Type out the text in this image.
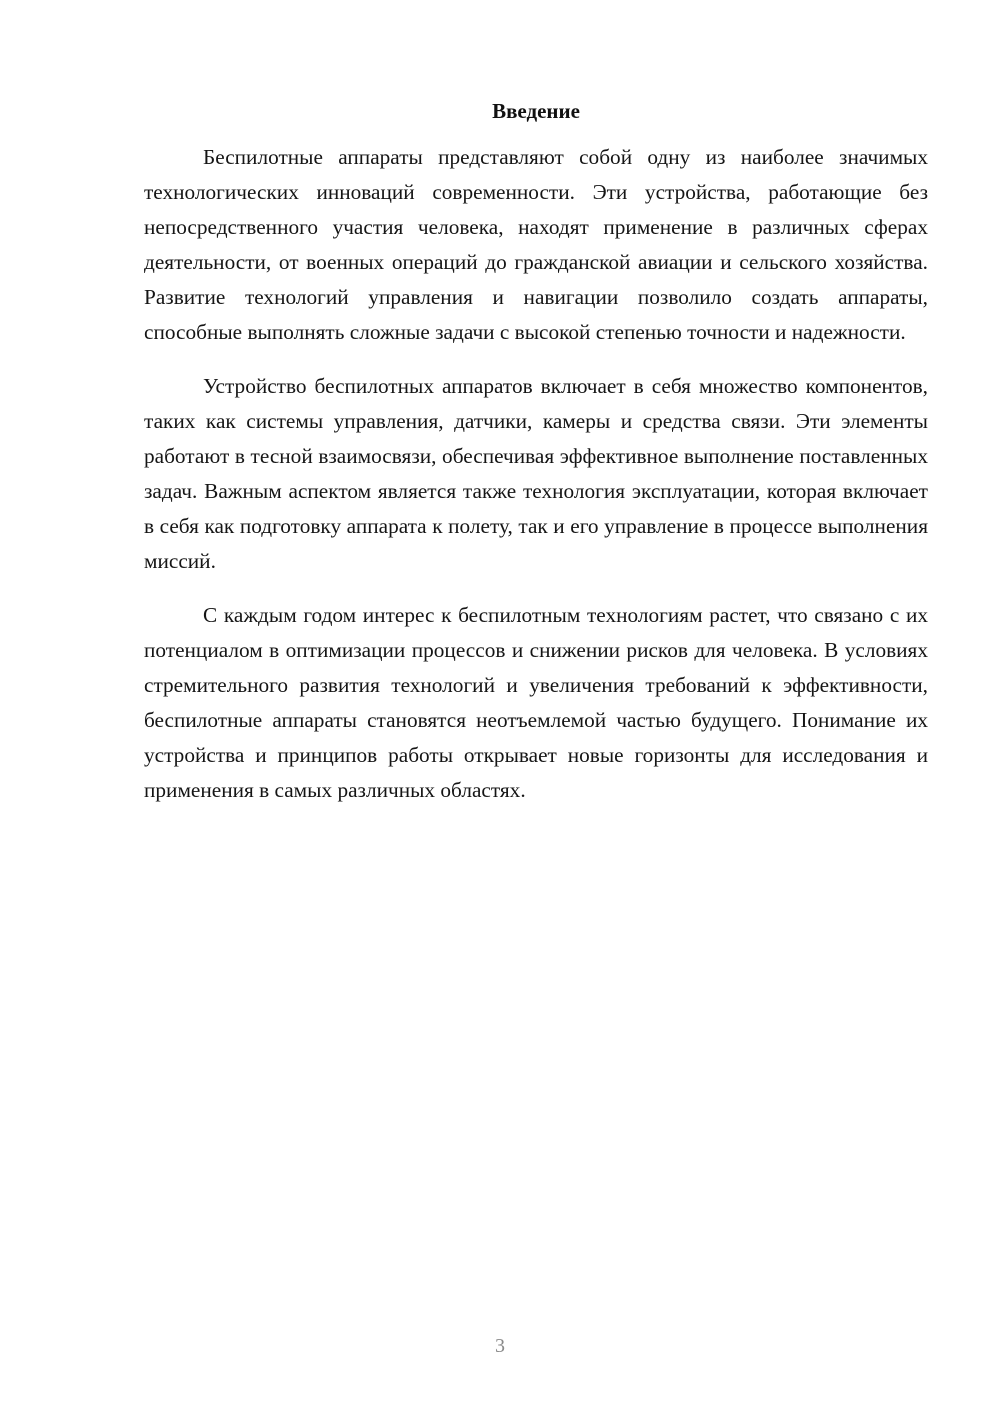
Введение

Беспилотные аппараты представляют собой одну из наиболее значимых технологических инноваций современности. Эти устройства, работающие без непосредственного участия человека, находят применение в различных сферах деятельности, от военных операций до гражданской авиации и сельского хозяйства. Развитие технологий управления и навигации позволило создать аппараты, способные выполнять сложные задачи с высокой степенью точности и надежности.

Устройство беспилотных аппаратов включает в себя множество компонентов, таких как системы управления, датчики, камеры и средства связи. Эти элементы работают в тесной взаимосвязи, обеспечивая эффективное выполнение поставленных задач. Важным аспектом является также технология эксплуатации, которая включает в себя как подготовку аппарата к полету, так и его управление в процессе выполнения миссий.

С каждым годом интерес к беспилотным технологиям растет, что связано с их потенциалом в оптимизации процессов и снижении рисков для человека. В условиях стремительного развития технологий и увеличения требований к эффективности, беспилотные аппараты становятся неотъемлемой частью будущего. Понимание их устройства и принципов работы открывает новые горизонты для исследования и применения в самых различных областях.

3
